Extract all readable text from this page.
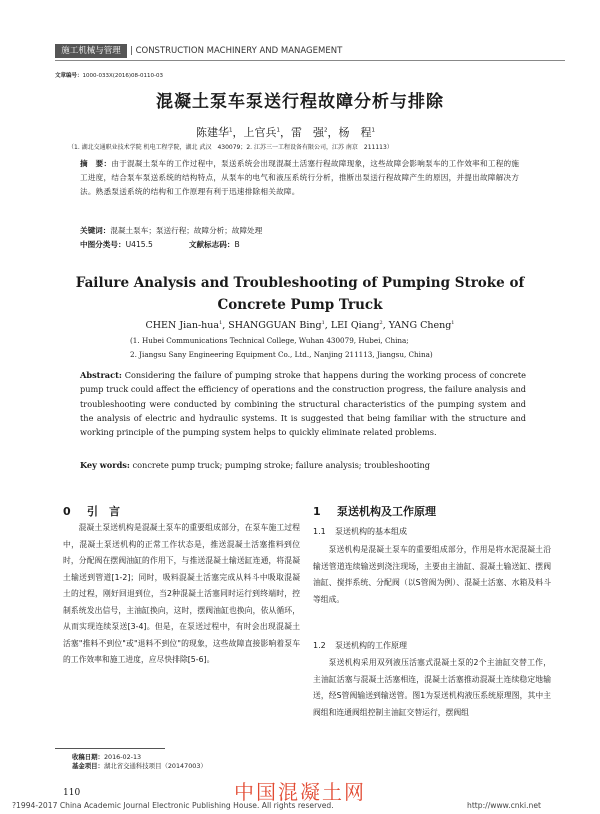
施工机械与管理	| CONSTRUCTION MACHINERY AND MANAGEMENT
文章编号：1000-033X(2016)08-0110-03
混凝土泵车泵送行程故障分析与排除
陈建华$^1$，上官兵$^1$，雷　强$^2$，杨　程$^1$
（1. 湖北交通职业技术学院 机电工程学院，湖北 武汉　430079；2. 江苏三一工程设备有限公司，江苏 南京　211113）
摘　要：由于混凝土泵车的工作过程中，泵送系统会出现混凝土活塞行程故障现象，这些故障会影响泵车的工作效率和工程的施工进度，结合泵车泵送系统的结构特点，从泵车的电气和液压系统行分析，推断出泵送行程故障产生的原因，并提出故障解决方法。熟悉泵送系统的结构和工作原理有利于迅速排除相关故障。
关键词：混凝土泵车；泵送行程；故障分析；故障处理
中图分类号：U415.5	文献标志码：B
Failure Analysis and Troubleshooting of Pumping Stroke of
Concrete Pump Truck
CHEN Jian-hua$^1$, SHANGGUAN Bing$^1$, LEI Qiang$^2$, YANG Cheng$^1$
(1. Hubei Communications Technical College, Wuhan 430079, Hubei, China;
2. Jiangsu Sany Engineering Equipment Co., Ltd., Nanjing 211113, Jiangsu, China)
Abstract: Considering the failure of pumping stroke that happens during the working process of concrete pump truck could affect the efficiency of operations and the construction progress, the failure analysis and troubleshooting were conducted by combining the structural characteristics of the pumping system and the analysis of electric and hydraulic systems. It is suggested that being familiar with the structure and working principle of the pumping system helps to quickly eliminate related problems.
Key words: concrete pump truck; pumping stroke; failure analysis; troubleshooting
0 引　言
混凝土泵送机构是混凝土泵车的重要组成部分，在泵车施工过程中，混凝土泵送机构的正常工作状态是，推送混凝土活塞推料到位时，分配阀在摆阀油缸的作用下，与推送混凝土输送缸连通，将混凝土输送到管道[1-2]；同时，吸料混凝土活塞完成从料斗中吸取混凝土的过程，刚好回退到位，当2种混凝土活塞同时运行到终端时，控制系统发出信号，主油缸换向，这时，摆阀油缸也换向，依从循环，从而实现连续泵送[3-4]。但是，在泵送过程中，有时会出现混凝土活塞"推料不到位"或"退料不到位"的现象，这些故障直接影响着泵车的工作效率和施工进度，应尽快排除[5-6]。
1 泵送机构及工作原理
1.1 泵送机构的基本组成
泵送机构是混凝土泵车的重要组成部分，作用是将水泥混凝土沿输送管道连续输送到浇注现场，主要由主油缸、混凝土输送缸、摆阀油缸、搅拌系统、分配阀（以S管阀为例）、混凝土活塞、水箱及料斗等组成。
1.2 泵送机构的工作原理
泵送机构采用双列液压活塞式混凝土泵的2个主油缸交替工作，主油缸活塞与混凝土活塞相连，混凝土活塞推动混凝土连续稳定地输送，经S管阀输送到输送管。图1为泵送机构液压系统原理图，其中主阀组和连通阀组控制主油缸交替运行，摆阀组
收稿日期：2016-02-13
基金项目：湖北省交通科技项目（20147003）
110	中国混凝土网
?1994-2017 China Academic Journal Electronic Publishing House. All rights reserved.	http://www.cnki.net
